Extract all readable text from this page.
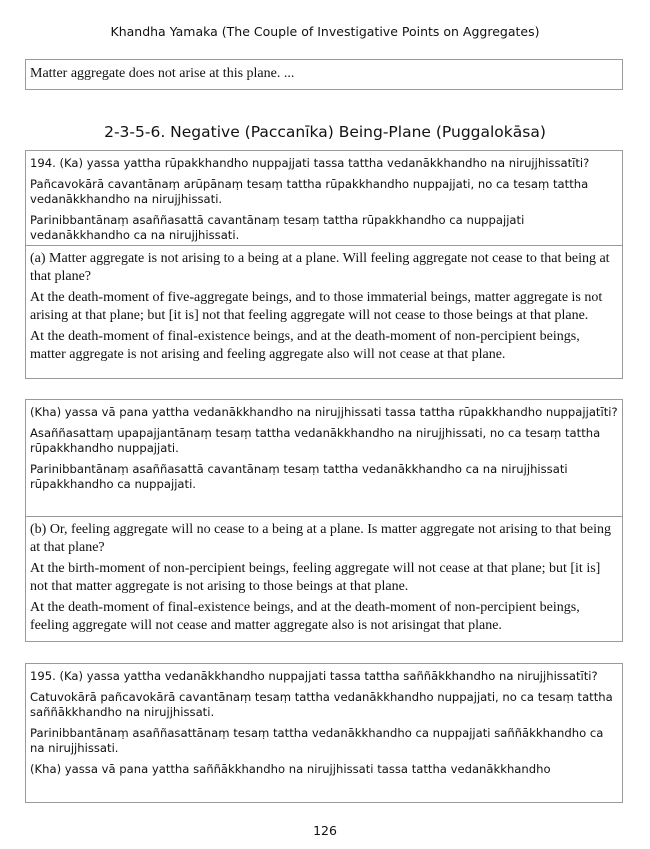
Khandha Yamaka (The Couple of Investigative Points on Aggregates)
Matter aggregate does not arise at this plane. ...
2-3-5-6. Negative (Paccanīka) Being-Plane (Puggalokāsa)

194. (Ka) yassa yattha rūpakkhandho nuppajjati tassa tattha vedanākkhandho na nirujjhissatīti?

Pañcavokārā cavantānaṃ arūpānaṃ tesaṃ tattha rūpakkhandho nuppajjati, no ca tesaṃ tattha vedanākkhandho na nirujjhissati.

Parinibbantānaṃ asaññasattā cavantānaṃ tesaṃ tattha rūpakkhandho ca nuppajjati vedanākkhandho ca na nirujjhissati.

(a) Matter aggregate is not arising to a being at a plane. Will feeling aggregate not cease to that being at that plane?

At the death-moment of five-aggregate beings, and to those immaterial beings, matter aggregate is not arising at that plane; but [it is] not that feeling aggregate will not cease to those beings at that plane.

At the death-moment of final-existence beings, and at the death-moment of non-percipient beings, matter aggregate is not arising and feeling aggregate also will not cease at that plane.

(Kha) yassa vā pana yattha vedanākkhandho na nirujjhissati tassa tattha rūpakkhandho nuppajjatīti?

Asaññasattaṃ upapajjantānaṃ tesaṃ tattha vedanākkhandho na nirujjhissati, no ca tesaṃ tattha rūpakkhandho nuppajjati.

Parinibbantānaṃ asaññasattā cavantānaṃ tesaṃ tattha vedanākkhandho ca na nirujjhissati rūpakkhandho ca nuppajjati.

(b) Or, feeling aggregate will no cease to a being at a plane. Is matter aggregate not arising to that being at that plane?

At the birth-moment of non-percipient beings, feeling aggregate will not cease at that plane; but [it is] not that matter aggregate is not arising to those beings at that plane.

At the death-moment of final-existence beings, and at the death-moment of non-percipient beings, feeling aggregate will not cease and matter aggregate also is not arisingat that plane.

195. (Ka) yassa yattha vedanākkhandho nuppajjati tassa tattha saññākkhandho na nirujjhissatīti?

Catuvokārā pañcavokārā cavantānaṃ tesaṃ tattha vedanākkhandho nuppajjati, no ca tesaṃ tattha saññākkhandho na nirujjhissati.

Parinibbantānaṃ asaññasattānaṃ tesaṃ tattha vedanākkhandho ca nuppajjati saññākkhandho ca na nirujjhissati.

(Kha) yassa vā pana yattha saññākkhandho na nirujjhissati tassa tattha vedanākkhandho

126
